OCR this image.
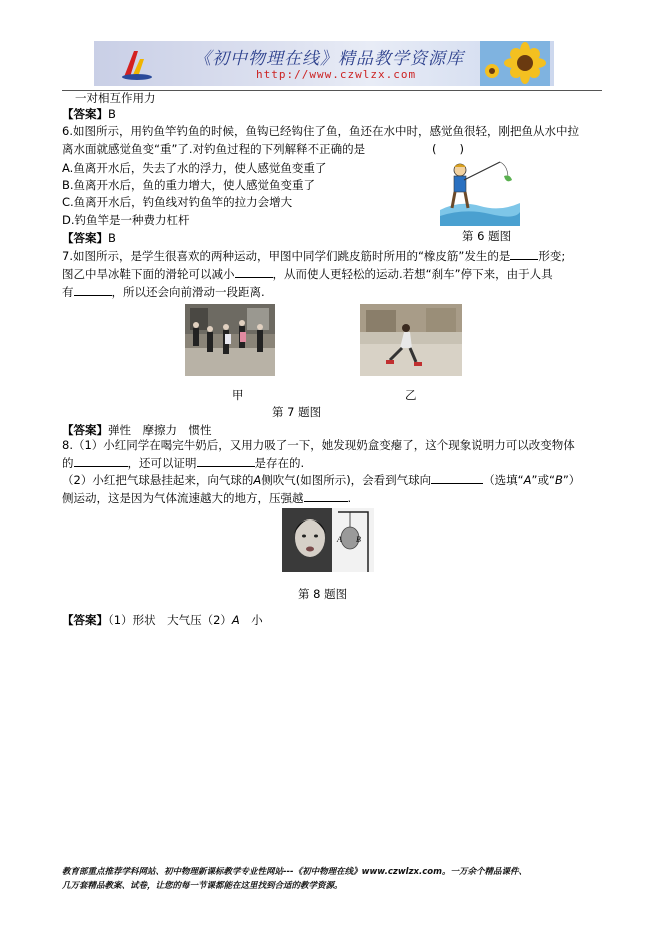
《初中物理在线》精品教学资源库
http://www.czwlzx.com
一对相互作用力
【答案】B
6.如图所示，用钓鱼竿钓鱼的时候，鱼钩已经钩住了鱼，鱼还在水中时，感觉鱼很轻，刚把鱼从水中拉
离水面就感觉鱼变“重”了.对钓鱼过程的下列解释不正确的是	(　　)
A.鱼离开水后，失去了水的浮力，使人感觉鱼变重了
B.鱼离开水后，鱼的重力增大，使人感觉鱼变重了
C.鱼离开水后，钓鱼线对钓鱼竿的拉力会增大
D.钓鱼竿是一种费力杠杆
第 6 题图
【答案】B
7.如图所示，是学生很喜欢的两种运动，甲图中同学们跳皮筋时所用的“橡皮筋”发生的是 形变;
图乙中旱冰鞋下面的滑轮可以减小	，从而使人更轻松的运动.若想“刹车”停下来，由于人具
有	，所以还会向前滑动一段距离.
甲	乙
第 7 题图
【答案】弹性　摩擦力　惯性
8.（1）小红同学在喝完牛奶后，又用力吸了一下，她发现奶盒变瘪了，这个现象说明力可以改变物体
的	，还可以证明	是存在的.
（2）小红把气球悬挂起来，向气球的A侧吹气(如图所示)，会看到气球向	（选填“A”或“B”）
侧运动，这是因为气体流速越大的地方，压强越	.
A B
第 8 题图
【答案】（1）形状　大气压（2）A　小
教育部重点推荐学科网站、初中物理新课标教学专业性网站---《初中物理在线》www.czwlzx.com。一万余个精品课件、
几万套精品教案、试卷，让您的每一节课都能在这里找到合适的教学资源。
